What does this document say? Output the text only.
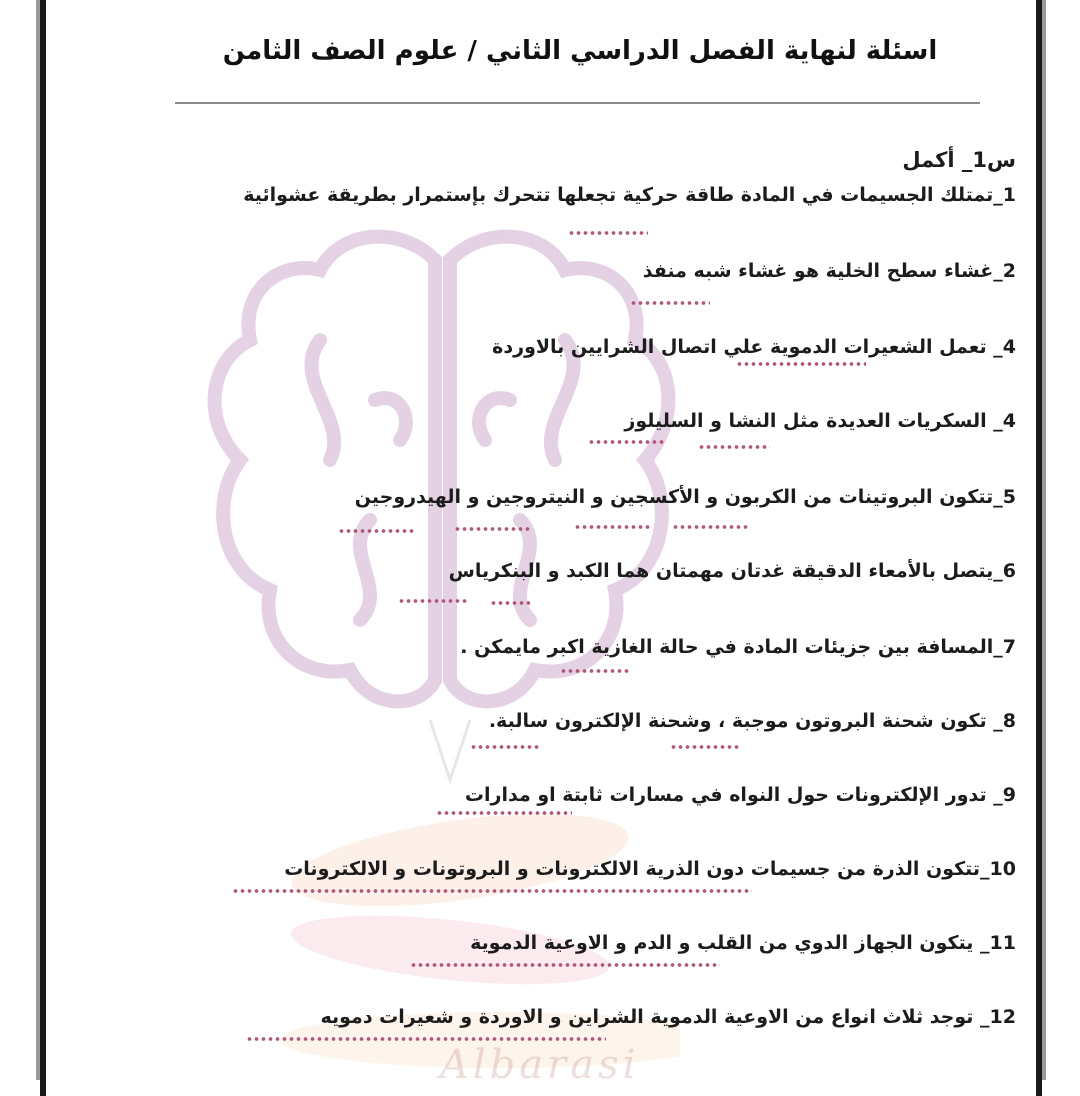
Albarasi
اسئلة لنهاية الفصل الدراسي الثاني / علوم الصف الثامن
س1_ أكمل
1_تمتلك الجسيمات في المادة طاقة حركية تجعلها تتحرك بإستمرار بطريقة عشوائية
2_غشاء سطح الخلية هو غشاء شبه منفذ
4_ تعمل الشعيرات الدموية علي اتصال الشرايين بالاوردة
4_ السكريات العديدة مثل النشا و السليلوز
5_تتكون البروتينات من الكربون و الأكسجين و النيتروجين و الهيدروجين
6_يتصل بالأمعاء الدقيقة غدتان مهمتان هما الكبد و البنكرياس
7_المسافة بين جزيئات المادة في حالة الغازية اكبر مايمكن .
8_ تكون شحنة البروتون موجبة ، وشحنة الإلكترون سالبة.
9_ تدور الإلكترونات حول النواه في مسارات ثابتة او مدارات
10_تتكون الذرة من جسيمات دون الذرية الالكترونات و البروتونات و الالكترونات
11_ يتكون الجهاز الدوي من القلب و الدم و الاوعية الدموية
12_ توجد ثلاث انواع من الاوعية الدموية الشراين و الاوردة و شعيرات دمويه
